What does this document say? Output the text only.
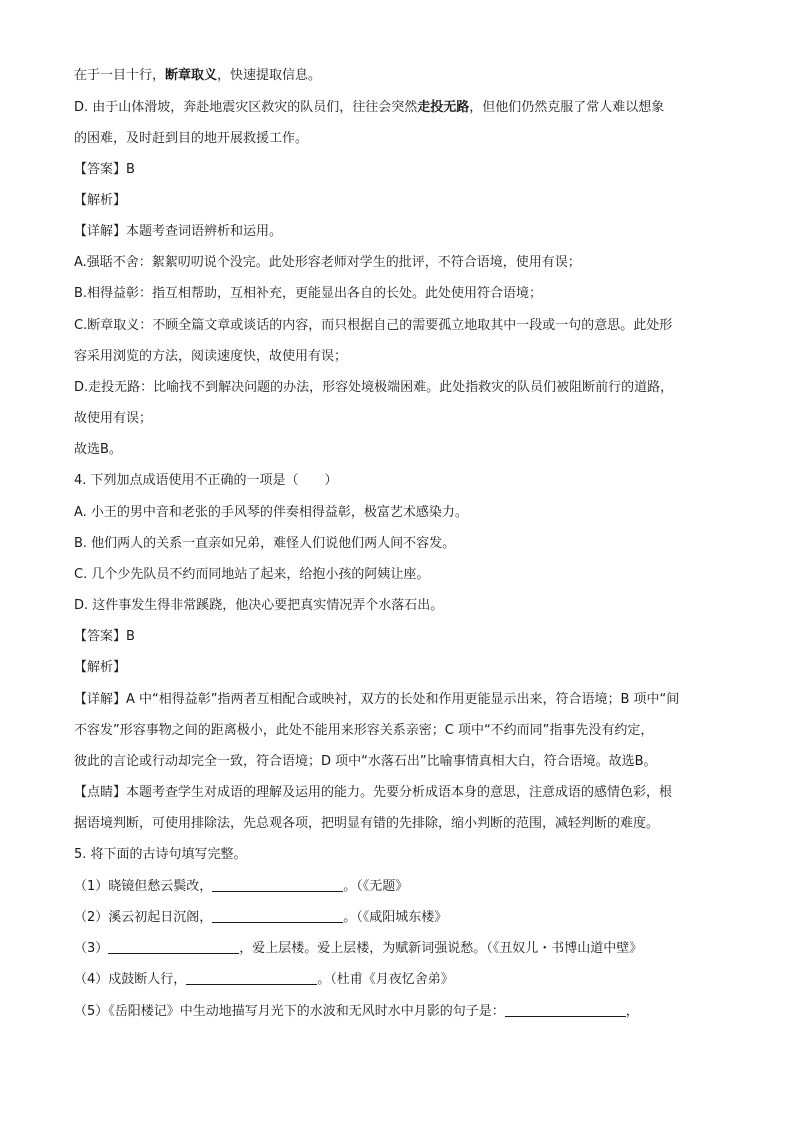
在于一目十行，断章取义，快速提取信息。
D. 由于山体滑坡，奔赴地震灾区救灾的队员们，往往会突然走投无路，但他们仍然克服了常人难以想象
的困难，及时赶到目的地开展救援工作。
【答案】B
【解析】
【详解】本题考查词语辨析和运用。
A.强聒不舍：絮絮叨叨说个没完。此处形容老师对学生的批评，不符合语境，使用有误；
B.相得益彰：指互相帮助，互相补充，更能显出各自的长处。此处使用符合语境；
C.断章取义：不顾全篇文章或谈话的内容，而只根据自己的需要孤立地取其中一段或一句的意思。此处形
容采用浏览的方法，阅读速度快，故使用有误；
D.走投无路：比喻找不到解决问题的办法，形容处境极端困难。此处指救灾的队员们被阻断前行的道路，
故使用有误；
故选B。
4. 下列加点成语使用不正确的一项是（　　）
A. 小王的男中音和老张的手风琴的伴奏相得益彰，极富艺术感染力。
B. 他们两人的关系一直亲如兄弟，难怪人们说他们两人间不容发。
C. 几个少先队员不约而同地站了起来，给抱小孩的阿姨让座。
D. 这件事发生得非常蹊跷，他决心要把真实情况弄个水落石出。
【答案】B
【解析】
【详解】A 中“相得益彰”指两者互相配合或映衬，双方的长处和作用更能显示出来，符合语境；B 项中“间
不容发”形容事物之间的距离极小，此处不能用来形容关系亲密；C 项中“不约而同”指事先没有约定，
彼此的言论或行动却完全一致，符合语境；D 项中“水落石出”比喻事情真相大白，符合语境。故选B。
【点睛】本题考查学生对成语的理解及运用的能力。先要分析成语本身的意思，注意成语的感情色彩，根
据语境判断，可使用排除法，先总观各项，把明显有错的先排除，缩小判断的范围，减轻判断的难度。
5. 将下面的古诗句填写完整。
（1）晓镜但愁云鬓改，	。（《无题》
（2）溪云初起日沉阁，	。（《咸阳城东楼》
（3）	，爱上层楼。爱上层楼，为赋新词强说愁。（《丑奴儿・书博山道中壁》
（4）戍鼓断人行，	。（杜甫《月夜忆舍弟》
（5）《岳阳楼记》中生动地描写月光下的水波和无风时水中月影的句子是：	，
